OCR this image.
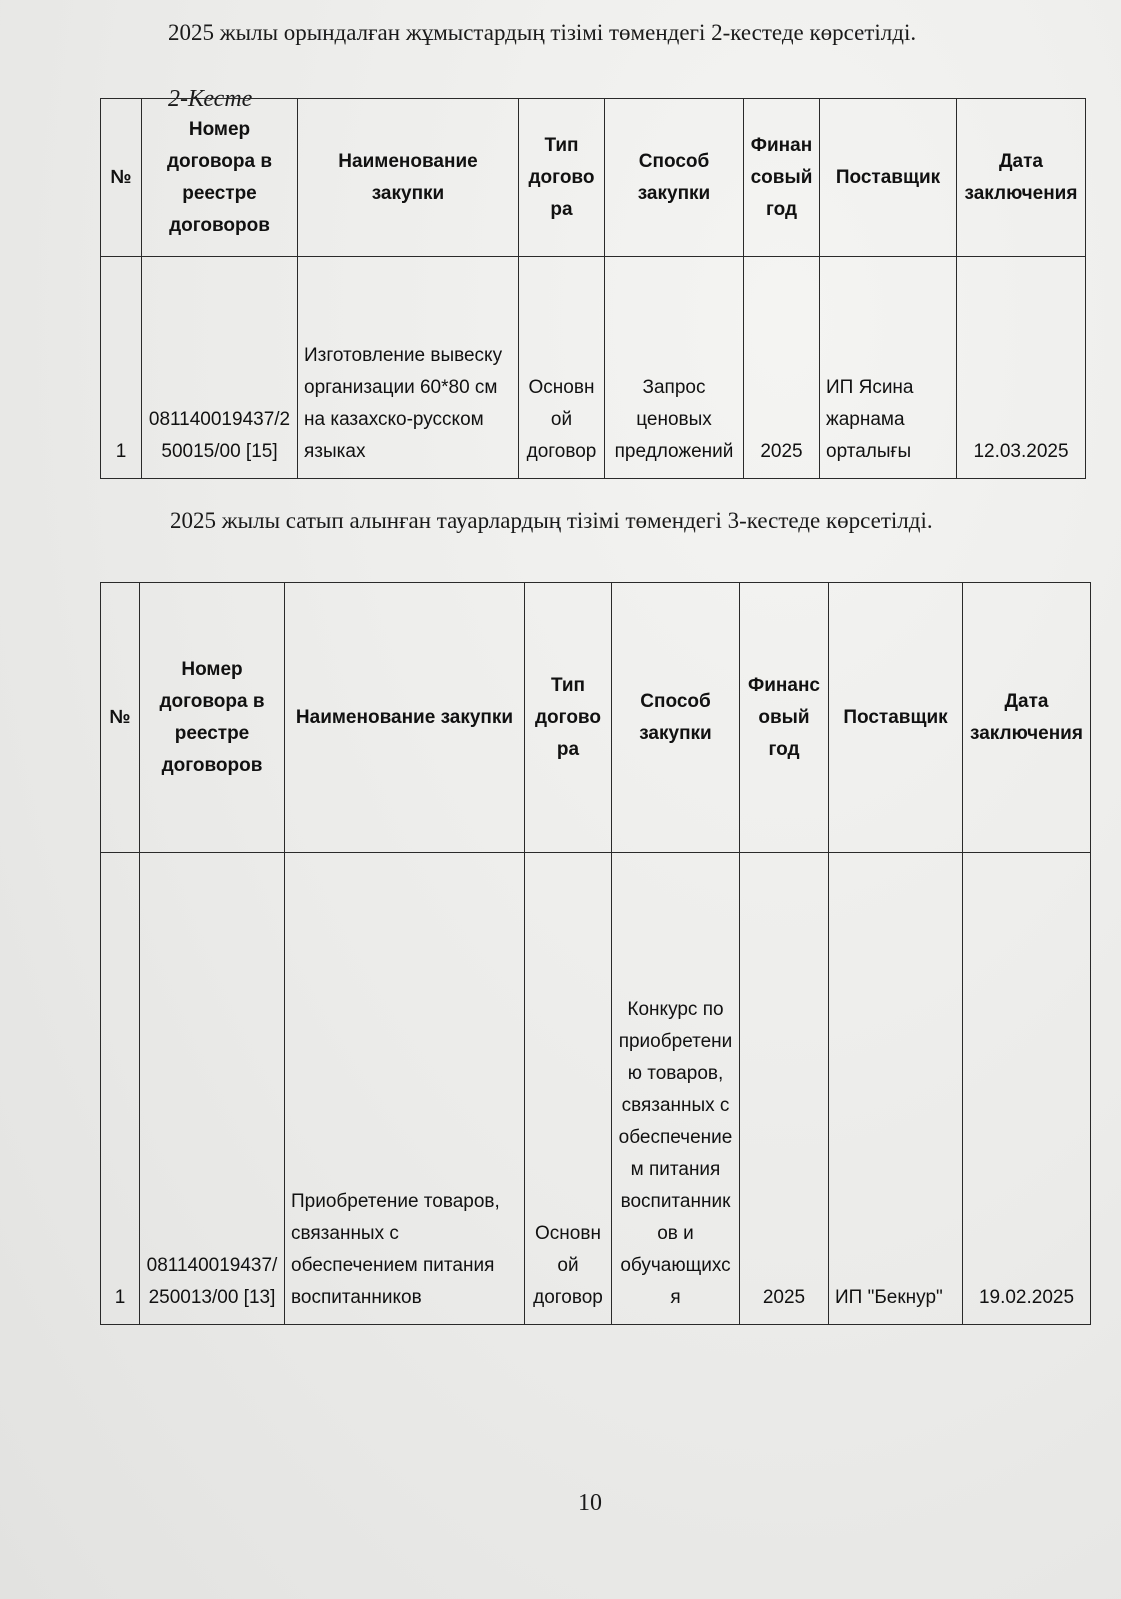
2025 жылы орындалған жұмыстардың тізімі төмендегі 2-кестеде көрсетілді.
2-Кесте
№	Номер договора в реестре договоров	Наименование закупки	Тип договора	Способ закупки	Финансовый год	Поставщик	Дата заключения
1	081140019437/250015/00 [15]	Изготовление вывеску организации 60*80 см на казахско-русском языках	Основной договор	Запрос ценовых предложений	2025	ИП Ясина жарнама орталығы	12.03.2025
2025 жылы сатып алынған тауарлардың тізімі төмендегі 3-кестеде көрсетілді.
№	Номер договора в реестре договоров	Наименование закупки	Тип договора	Способ закупки	Финансовый год	Поставщик	Дата заключения
1	081140019437/250013/00 [13]	Приобретение товаров, связанных с обеспечением питания воспитанников	Основной договор	Конкурс по приобретению товаров, связанных с обеспечением питания воспитанников и обучающихся	2025	ИП "Бекнур"	19.02.2025
10
